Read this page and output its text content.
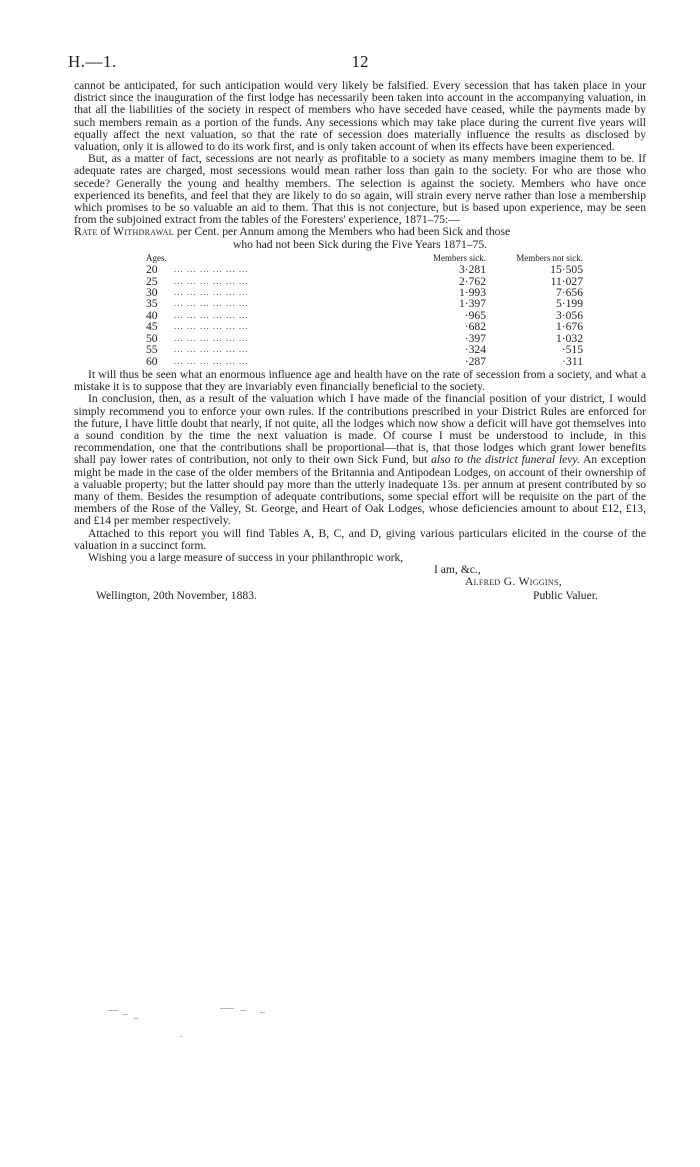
H.—1.	12

cannot be anticipated, for such anticipation would very likely be falsified. Every secession that has taken place in your district since the inauguration of the first lodge has necessarily been taken into account in the accompanying valuation, in that all the liabilities of the society in respect of members who have seceded have ceased, while the payments made by such members remain as a portion of the funds. Any secessions which may take place during the current five years will equally affect the next valuation, so that the rate of secession does materially influence the results as disclosed by valuation, only it is allowed to do its work first, and is only taken account of when its effects have been experienced.

But, as a matter of fact, secessions are not nearly as profitable to a society as many members imagine them to be. If adequate rates are charged, most secessions would mean rather loss than gain to the society. For who are those who secede? Generally the young and healthy members. The selection is against the society. Members who have once experienced its benefits, and feel that they are likely to do so again, will strain every nerve rather than lose a membership which promises to be so valuable an aid to them. That this is not conjecture, but is based upon experience, may be seen from the subjoined extract from the tables of the Foresters' experience, 1871–75:—

Rate of Withdrawal per Cent. per Annum among the Members who had been Sick and those
who had not been Sick during the Five Years 1871–75.

Ages.		Members sick.	Members not sick.
20	... ... ... ... ... ...	3·281	15·505
25	... ... ... ... ... ...	2·762	11·027
30	... ... ... ... ... ...	1·993	7·656
35	... ... ... ... ... ...	1·397	5·199
40	... ... ... ... ... ...	·965	3·056
45	... ... ... ... ... ...	·682	1·676
50	... ... ... ... ... ...	·397	1·032
55	... ... ... ... ... ...	·324	·515
60	... ... ... ... ... ...	·287	·311

It will thus be seen what an enormous influence age and health have on the rate of secession from a society, and what a mistake it is to suppose that they are invariably even financially beneficial to the society.

In conclusion, then, as a result of the valuation which I have made of the financial position of your district, I would simply recommend you to enforce your own rules. If the contributions prescribed in your District Rules are enforced for the future, I have little doubt that nearly, if not quite, all the lodges which now show a deficit will have got themselves into a sound condition by the time the next valuation is made. Of course I must be understood to include, in this recommendation, one that the contributions shall be proportional—that is, that those lodges which grant lower benefits shall pay lower rates of contribution, not only to their own Sick Fund, but also to the district funeral levy. An exception might be made in the case of the older members of the Britannia and Antipodean Lodges, on account of their ownership of a valuable property; but the latter should pay more than the utterly inadequate 13s. per annum at present contributed by so many of them. Besides the resumption of adequate contributions, some special effort will be requisite on the part of the members of the Rose of the Valley, St. George, and Heart of Oak Lodges, whose deficiencies amount to about £12, £13, and £14 per member respectively.

Attached to this report you will find Tables A, B, C, and D, giving various particulars elicited in the course of the valuation in a succinct form.

Wishing you a large measure of success in your philanthropic work,

I am, &c.,
Alfred G. Wiggins,
Wellington, 20th November, 1883.	Public Valuer.
